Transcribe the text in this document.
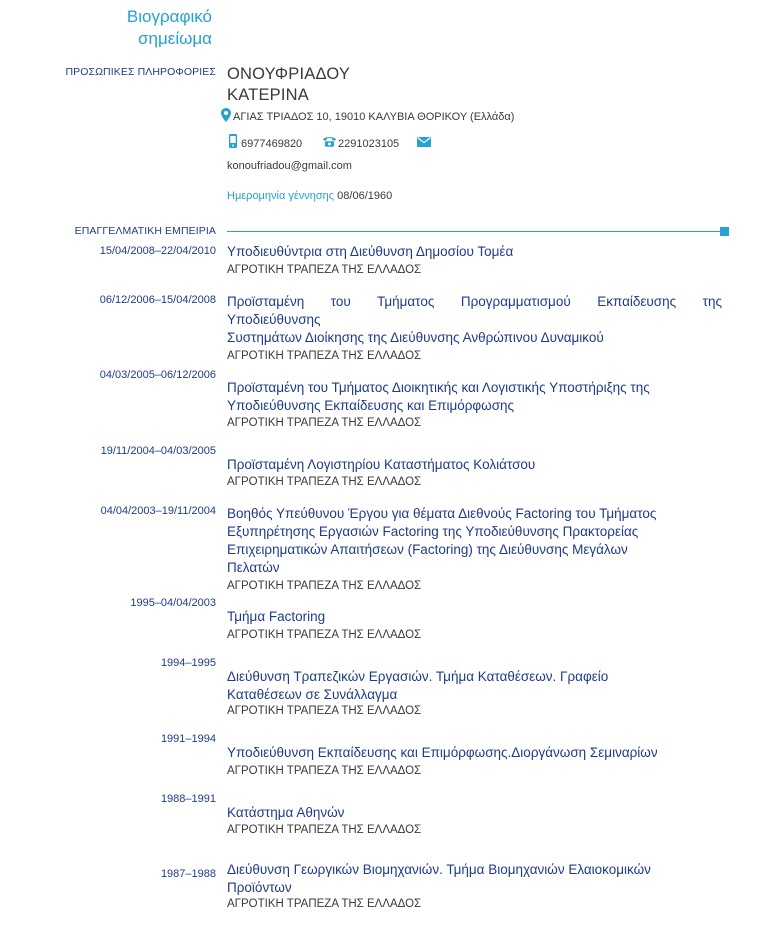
Βιογραφικό
σημείωμα
ΠΡΟΣΩΠΙΚΕΣ ΠΛΗΡΟΦΟΡΙΕΣ ΟΝΟΥΦΡΙΑΔΟΥ
ΚΑΤΕΡΙΝΑ
ΑΓΙΑΣ ΤΡΙΑΔΟΣ 10, 19010 ΚΑΛΥΒΙΑ ΘΟΡΙΚΟΥ (Ελλάδα)
6977469820	2291023105
konoufriadou@gmail.com
Ημερομηνία γέννησης 08/06/1960
ΕΠΑΓΓΕΛΜΑΤΙΚΗ ΕΜΠΕΙΡΙΑ
15/04/2008–22/04/2010 Υποδιευθύντρια στη Διεύθυνση Δημοσίου Τομέα
ΑΓΡΟΤΙΚΗ ΤΡΑΠΕΖΑ ΤΗΣ ΕΛΛΑΔΟΣ
06/12/2006–15/04/2008 Προϊσταμένη του Τμήματος Προγραμματισμού Εκπαίδευσης της
Υποδιεύθυνσης
Συστημάτων Διοίκησης της Διεύθυνσης Ανθρώπινου Δυναμικού
ΑΓΡΟΤΙΚΗ ΤΡΑΠΕΖΑ ΤΗΣ ΕΛΛΑΔΟΣ
04/03/2005–06/12/2006
Προϊσταμένη του Τμήματος Διοικητικής και Λογιστικής Υποστήριξης της
Υποδιεύθυνσης Εκπαίδευσης και Επιμόρφωσης
ΑΓΡΟΤΙΚΗ ΤΡΑΠΕΖΑ ΤΗΣ ΕΛΛΑΔΟΣ
19/11/2004–04/03/2005
Προϊσταμένη Λογιστηρίου Καταστήματος Κολιάτσου
ΑΓΡΟΤΙΚΗ ΤΡΑΠΕΖΑ ΤΗΣ ΕΛΛΑΔΟΣ
04/04/2003–19/11/2004 Βοηθός Υπεύθυνου Έργου για θέματα Διεθνούς Factoring του Τμήματος
Εξυπηρέτησης Εργασιών Factoring της Υποδιεύθυνσης Πρακτορείας
Επιχειρηματικών Απαιτήσεων (Factoring) της Διεύθυνσης Μεγάλων
Πελατών
ΑΓΡΟΤΙΚΗ ΤΡΑΠΕΖΑ ΤΗΣ ΕΛΛΑΔΟΣ
1995–04/04/2003
Τμήμα Factoring
ΑΓΡΟΤΙΚΗ ΤΡΑΠΕΖΑ ΤΗΣ ΕΛΛΑΔΟΣ
1994–1995
Διεύθυνση Τραπεζικών Εργασιών. Τμήμα Καταθέσεων. Γραφείο
Καταθέσεων σε Συνάλλαγμα
ΑΓΡΟΤΙΚΗ ΤΡΑΠΕΖΑ ΤΗΣ ΕΛΛΑΔΟΣ
1991–1994
Υποδιεύθυνση Εκπαίδευσης και Επιμόρφωσης.Διοργάνωση Σεμιναρίων
ΑΓΡΟΤΙΚΗ ΤΡΑΠΕΖΑ ΤΗΣ ΕΛΛΑΔΟΣ
1988–1991
Κατάστημα Αθηνών
ΑΓΡΟΤΙΚΗ ΤΡΑΠΕΖΑ ΤΗΣ ΕΛΛΑΔΟΣ
1987–1988 Διεύθυνση Γεωργικών Βιομηχανιών. Τμήμα Βιομηχανιών Ελαιοκομικών
Προϊόντων
ΑΓΡΟΤΙΚΗ ΤΡΑΠΕΖΑ ΤΗΣ ΕΛΛΑΔΟΣ
